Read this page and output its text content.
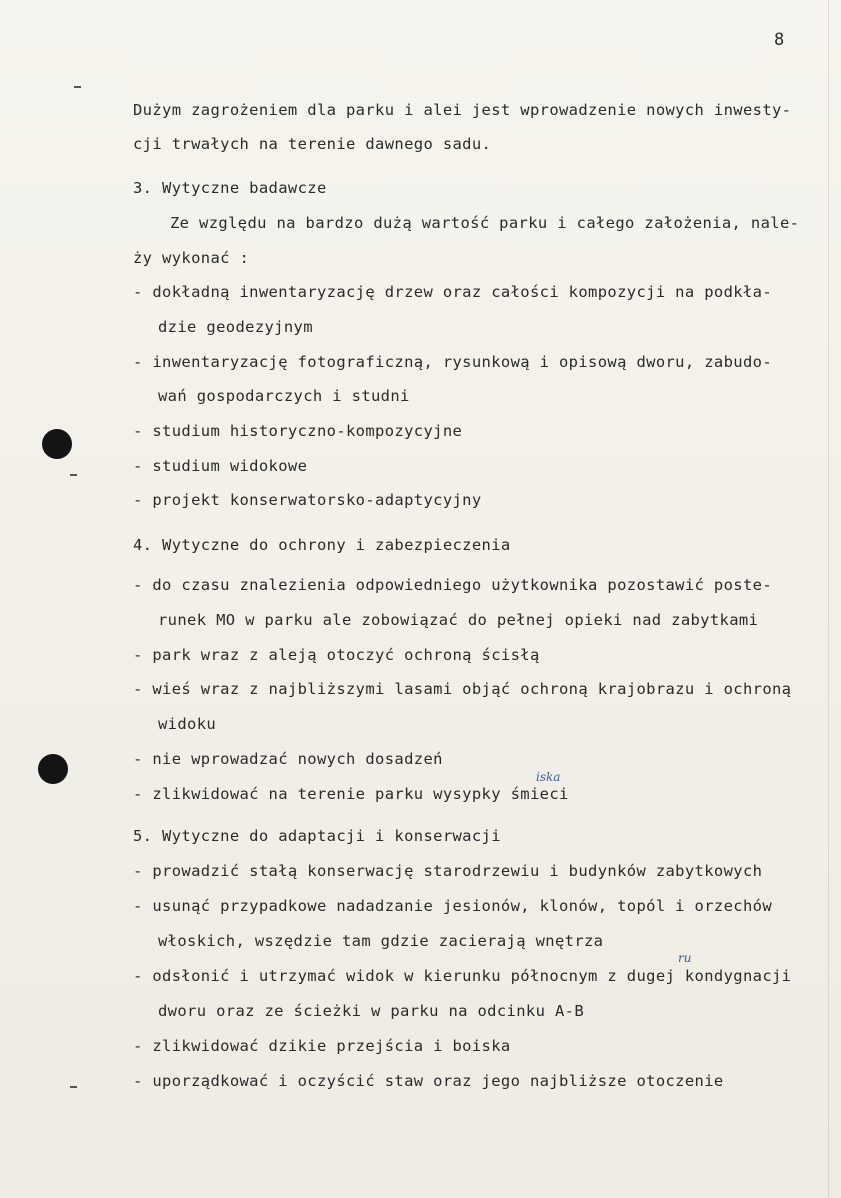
8
Dużym zagrożeniem dla parku i alei jest wprowadzenie nowych inwesty-
cji trwałych na terenie dawnego sadu.
3. Wytyczne badawcze
Ze względu na bardzo dużą wartość parku i całego założenia, nale-
ży wykonać :
- dokładną inwentaryzację drzew oraz całości kompozycji na podkła-
dzie geodezyjnym
- inwentaryzację fotograficzną, rysunkową i opisową dworu, zabudo-
wań gospodarczych i studni
- studium historyczno-kompozycyjne
- studium widokowe
- projekt konserwatorsko-adaptycyjny
4. Wytyczne do ochrony i zabezpieczenia
- do czasu znalezienia odpowiedniego użytkownika pozostawić poste-
runek MO w parku ale zobowiązać do pełnej opieki nad zabytkami
- park wraz z aleją otoczyć ochroną ścisłą
- wieś wraz z najbliższymi lasami objąć ochroną krajobrazu i ochroną
widoku
- nie wprowadzać nowych dosadzeń
- zlikwidować na terenie parku wysypky śmieci
iska
5. Wytyczne do adaptacji i konserwacji
- prowadzić stałą konserwację starodrzewiu i budynków zabytkowych
- usunąć przypadkowe nadadzanie jesionów, klonów, topól i orzechów
włoskich, wszędzie tam gdzie zacierają wnętrza
- odsłonić i utrzymać widok w kierunku północnym z dugej kondygnacji
ru
dworu oraz ze ścieżki w parku na odcinku A-B
- zlikwidować dzikie przejścia i boiska
- uporządkować i oczyścić staw oraz jego najbliższe otoczenie
